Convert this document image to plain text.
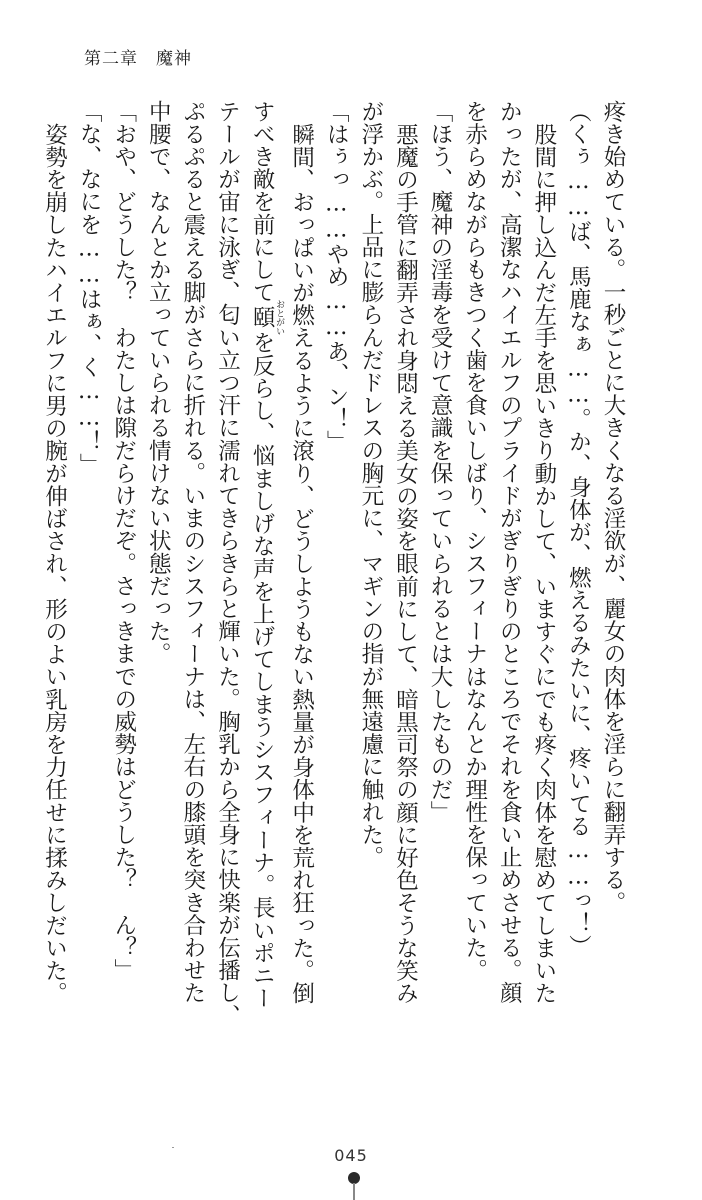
第二章　魔神

疼き始めている。一秒ごとに大きくなる淫欲が、麗女の肉体を淫らに翻弄する。

（くぅ……ば、馬鹿なぁ……。か、身体が、燃えるみたいに、疼いてる……っ！）

股間に押し込んだ左手を思いきり動かして、いますぐにでも疼く肉体を慰めてしまいた

かったが、高潔なハイエルフのプライドがぎりぎりのところでそれを食い止めさせる。顔

を赤らめながらもきつく歯を食いしばり、シスフィーナはなんとか理性を保っていた。

「ほう、魔神の淫毒を受けて意識を保っていられるとは大したものだ」

悪魔の手管に翻弄され身悶える美女の姿を眼前にして、暗黒司祭の顔に好色そうな笑み

が浮かぶ。上品に膨らんだドレスの胸元に、マギンの指が無遠慮に触れた。

「はぅっ……やめ……あ、ン！」

瞬間、おっぱいが燃えるように滾り、どうしようもない熱量が身体中を荒れ狂った。倒

すべき敵を前にして頤 おとがいを反らし、悩ましげな声を上げてしまうシスフィーナ。長いポニー

テールが宙に泳ぎ、匂い立つ汗に濡れてきらきらと輝いた。胸乳から全身に快楽が伝播し、

ぷるぷると震える脚がさらに折れる。いまのシスフィーナは、左右の膝頭を突き合わせた

中腰で、なんとか立っていられる情けない状態だった。

「おや、どうした？　わたしは隙だらけだぞ。さっきまでの威勢はどうした？　ん？」

「な、なにを……はぁ、く……！」

姿勢を崩したハイエルフに男の腕が伸ばされ、形のよい乳房を力任せに揉みしだいた。

045
